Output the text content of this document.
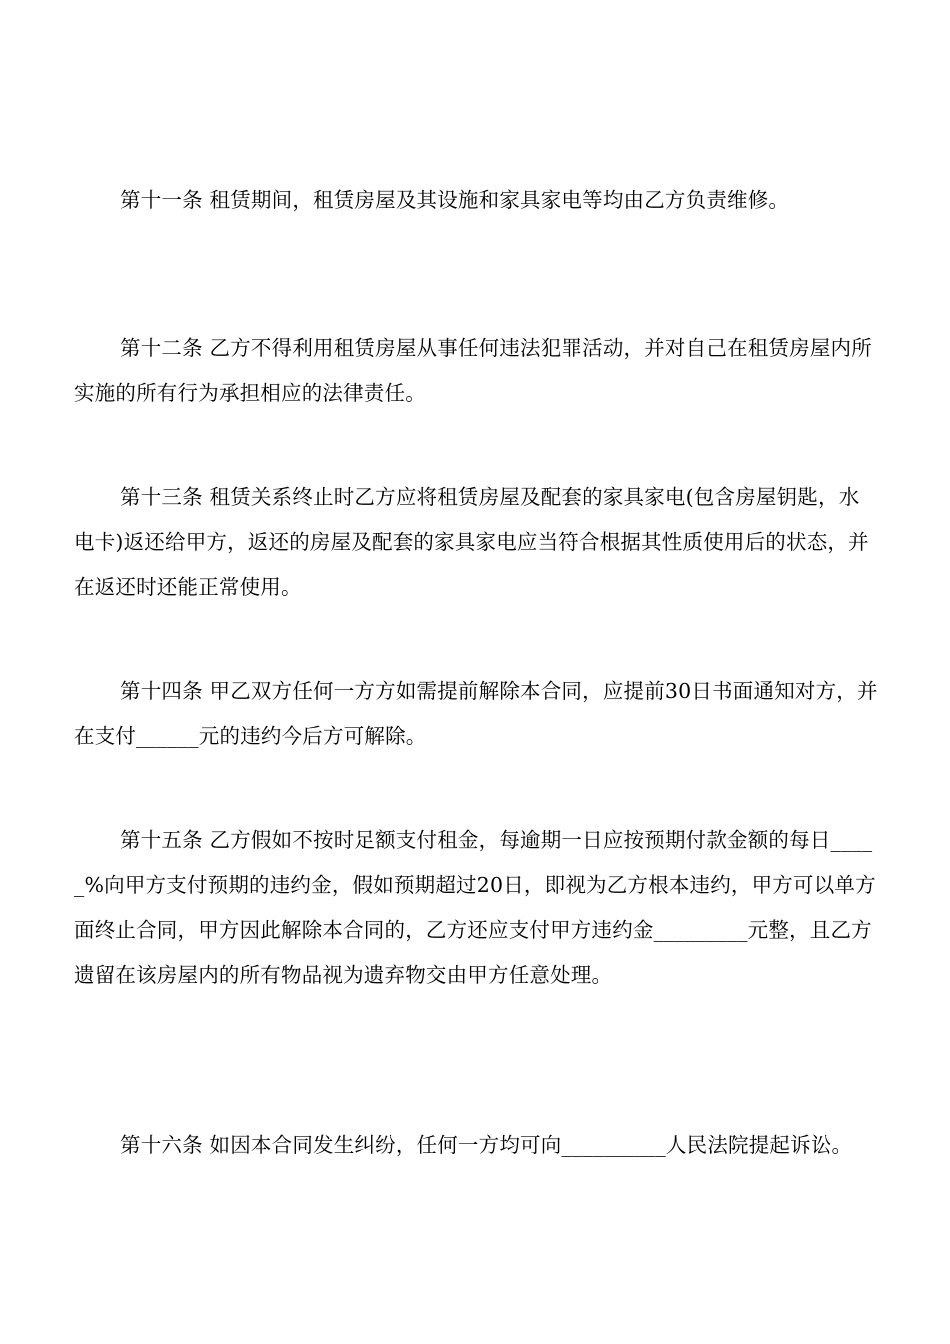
第十一条 租赁期间，租赁房屋及其设施和家具家电等均由乙方负责维修。

第十二条 乙方不得利用租赁房屋从事任何违法犯罪活动，并对自己在租赁房屋内所实施的所有行为承担相应的法律责任。

第十三条 租赁关系终止时乙方应将租赁房屋及配套的家具家电(包含房屋钥匙，水电卡)返还给甲方，返还的房屋及配套的家具家电应当符合根据其性质使用后的状态，并在返还时还能正常使用。

第十四条 甲乙双方任何一方方如需提前解除本合同，应提前30日书面通知对方，并在支付______元的违约今后方可解除。

第十五条 乙方假如不按时足额支付租金，每逾期一日应按预期付款金额的每日_____%向甲方支付预期的违约金，假如预期超过20日，即视为乙方根本违约，甲方可以单方面终止合同，甲方因此解除本合同的，乙方还应支付甲方违约金_________元整，且乙方遗留在该房屋内的所有物品视为遗弃物交由甲方任意处理。

第十六条 如因本合同发生纠纷，任何一方均可向__________人民法院提起诉讼。
